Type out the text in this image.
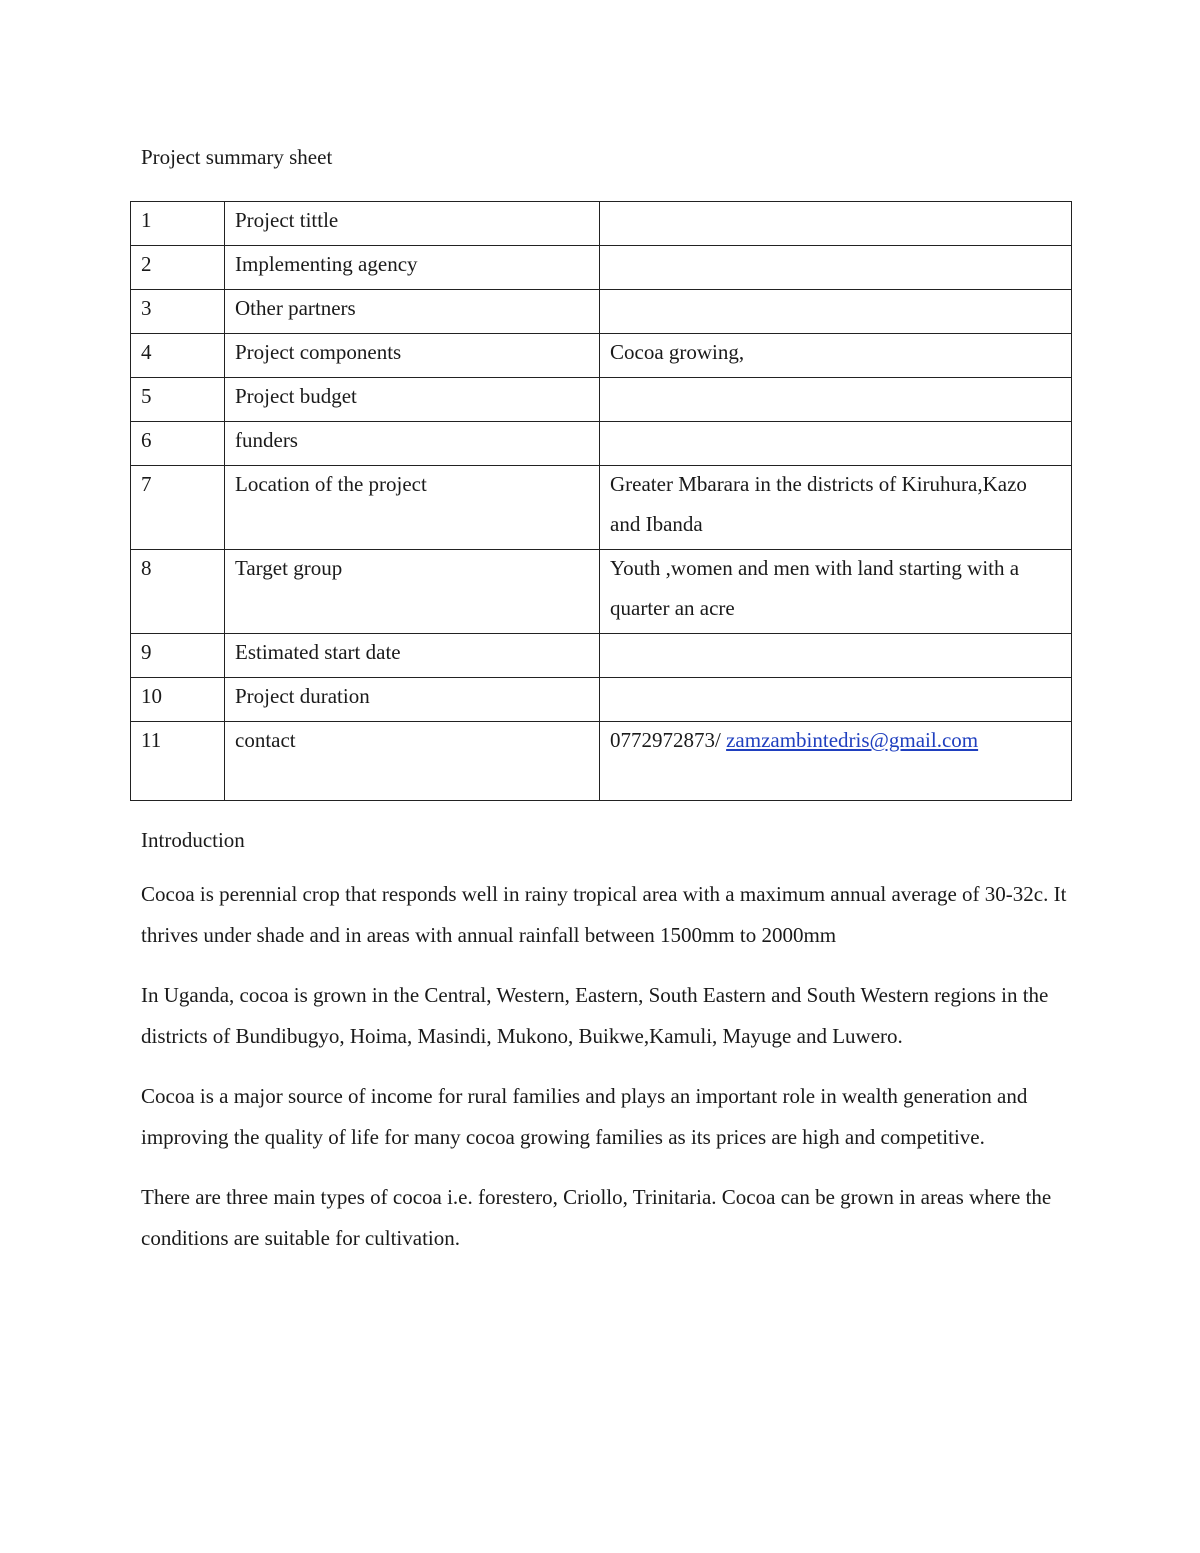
Project summary sheet
1	Project tittle	

2	Implementing agency	

3	Other partners	

4	Project components	Cocoa growing,

5	Project budget	

6	funders	

7	Location of the project	Greater Mbarara in the districts of Kiruhura,Kazo and Ibanda

8	Target group	Youth ,women and men with land starting with a quarter an acre

9	Estimated start date	

10	Project duration	

11	contact	0772972873/ zamzambintedris@gmail.com
Introduction

Cocoa is perennial crop that responds well in rainy tropical area with a maximum annual average of 30-32c. It thrives under shade and in areas with annual rainfall between 1500mm to 2000mm

In Uganda, cocoa is grown in the Central, Western, Eastern, South Eastern and South Western regions in the districts of Bundibugyo, Hoima, Masindi, Mukono, Buikwe,Kamuli, Mayuge and Luwero.

Cocoa is a major source of income for rural families and plays an important role in wealth generation and improving the quality of life for many cocoa growing families as its prices are high and competitive.

There are three main types of cocoa i.e. forestero, Criollo, Trinitaria. Cocoa can be grown in areas where the conditions are suitable for cultivation.
